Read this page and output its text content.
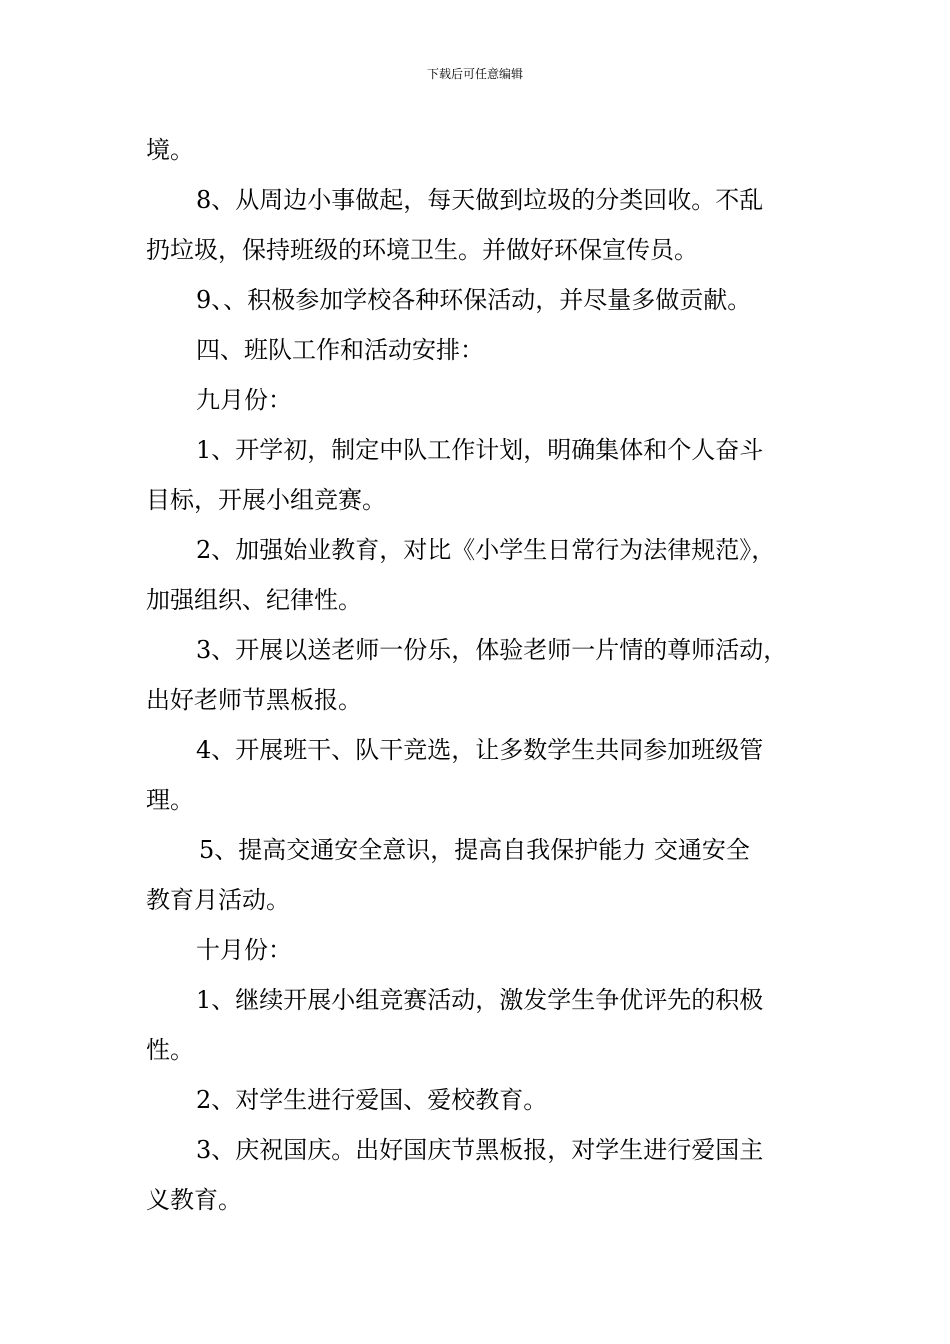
下载后可任意编辑

境。

8、从周边小事做起，每天做到垃圾的分类回收。不乱

扔垃圾，保持班级的环境卫生。并做好环保宣传员。

9、、积极参加学校各种环保活动，并尽量多做贡献。

四、班队工作和活动安排：

九月份：

1、开学初，制定中队工作计划，明确集体和个人奋斗

目标，开展小组竞赛。

2、加强始业教育，对比《小学生日常行为法律规范》，

加强组织、纪律性。

3、开展以送老师一份乐，体验老师一片情的尊师活动，

出好老师节黑板报。

4、开展班干、队干竞选，让多数学生共同参加班级管

理。

5、提高交通安全意识，提高自我保护能力 交通安全

教育月活动。

十月份：

1、继续开展小组竞赛活动，激发学生争优评先的积极

性。

2、对学生进行爱国、爱校教育。

3、庆祝国庆。出好国庆节黑板报，对学生进行爱国主

义教育。
